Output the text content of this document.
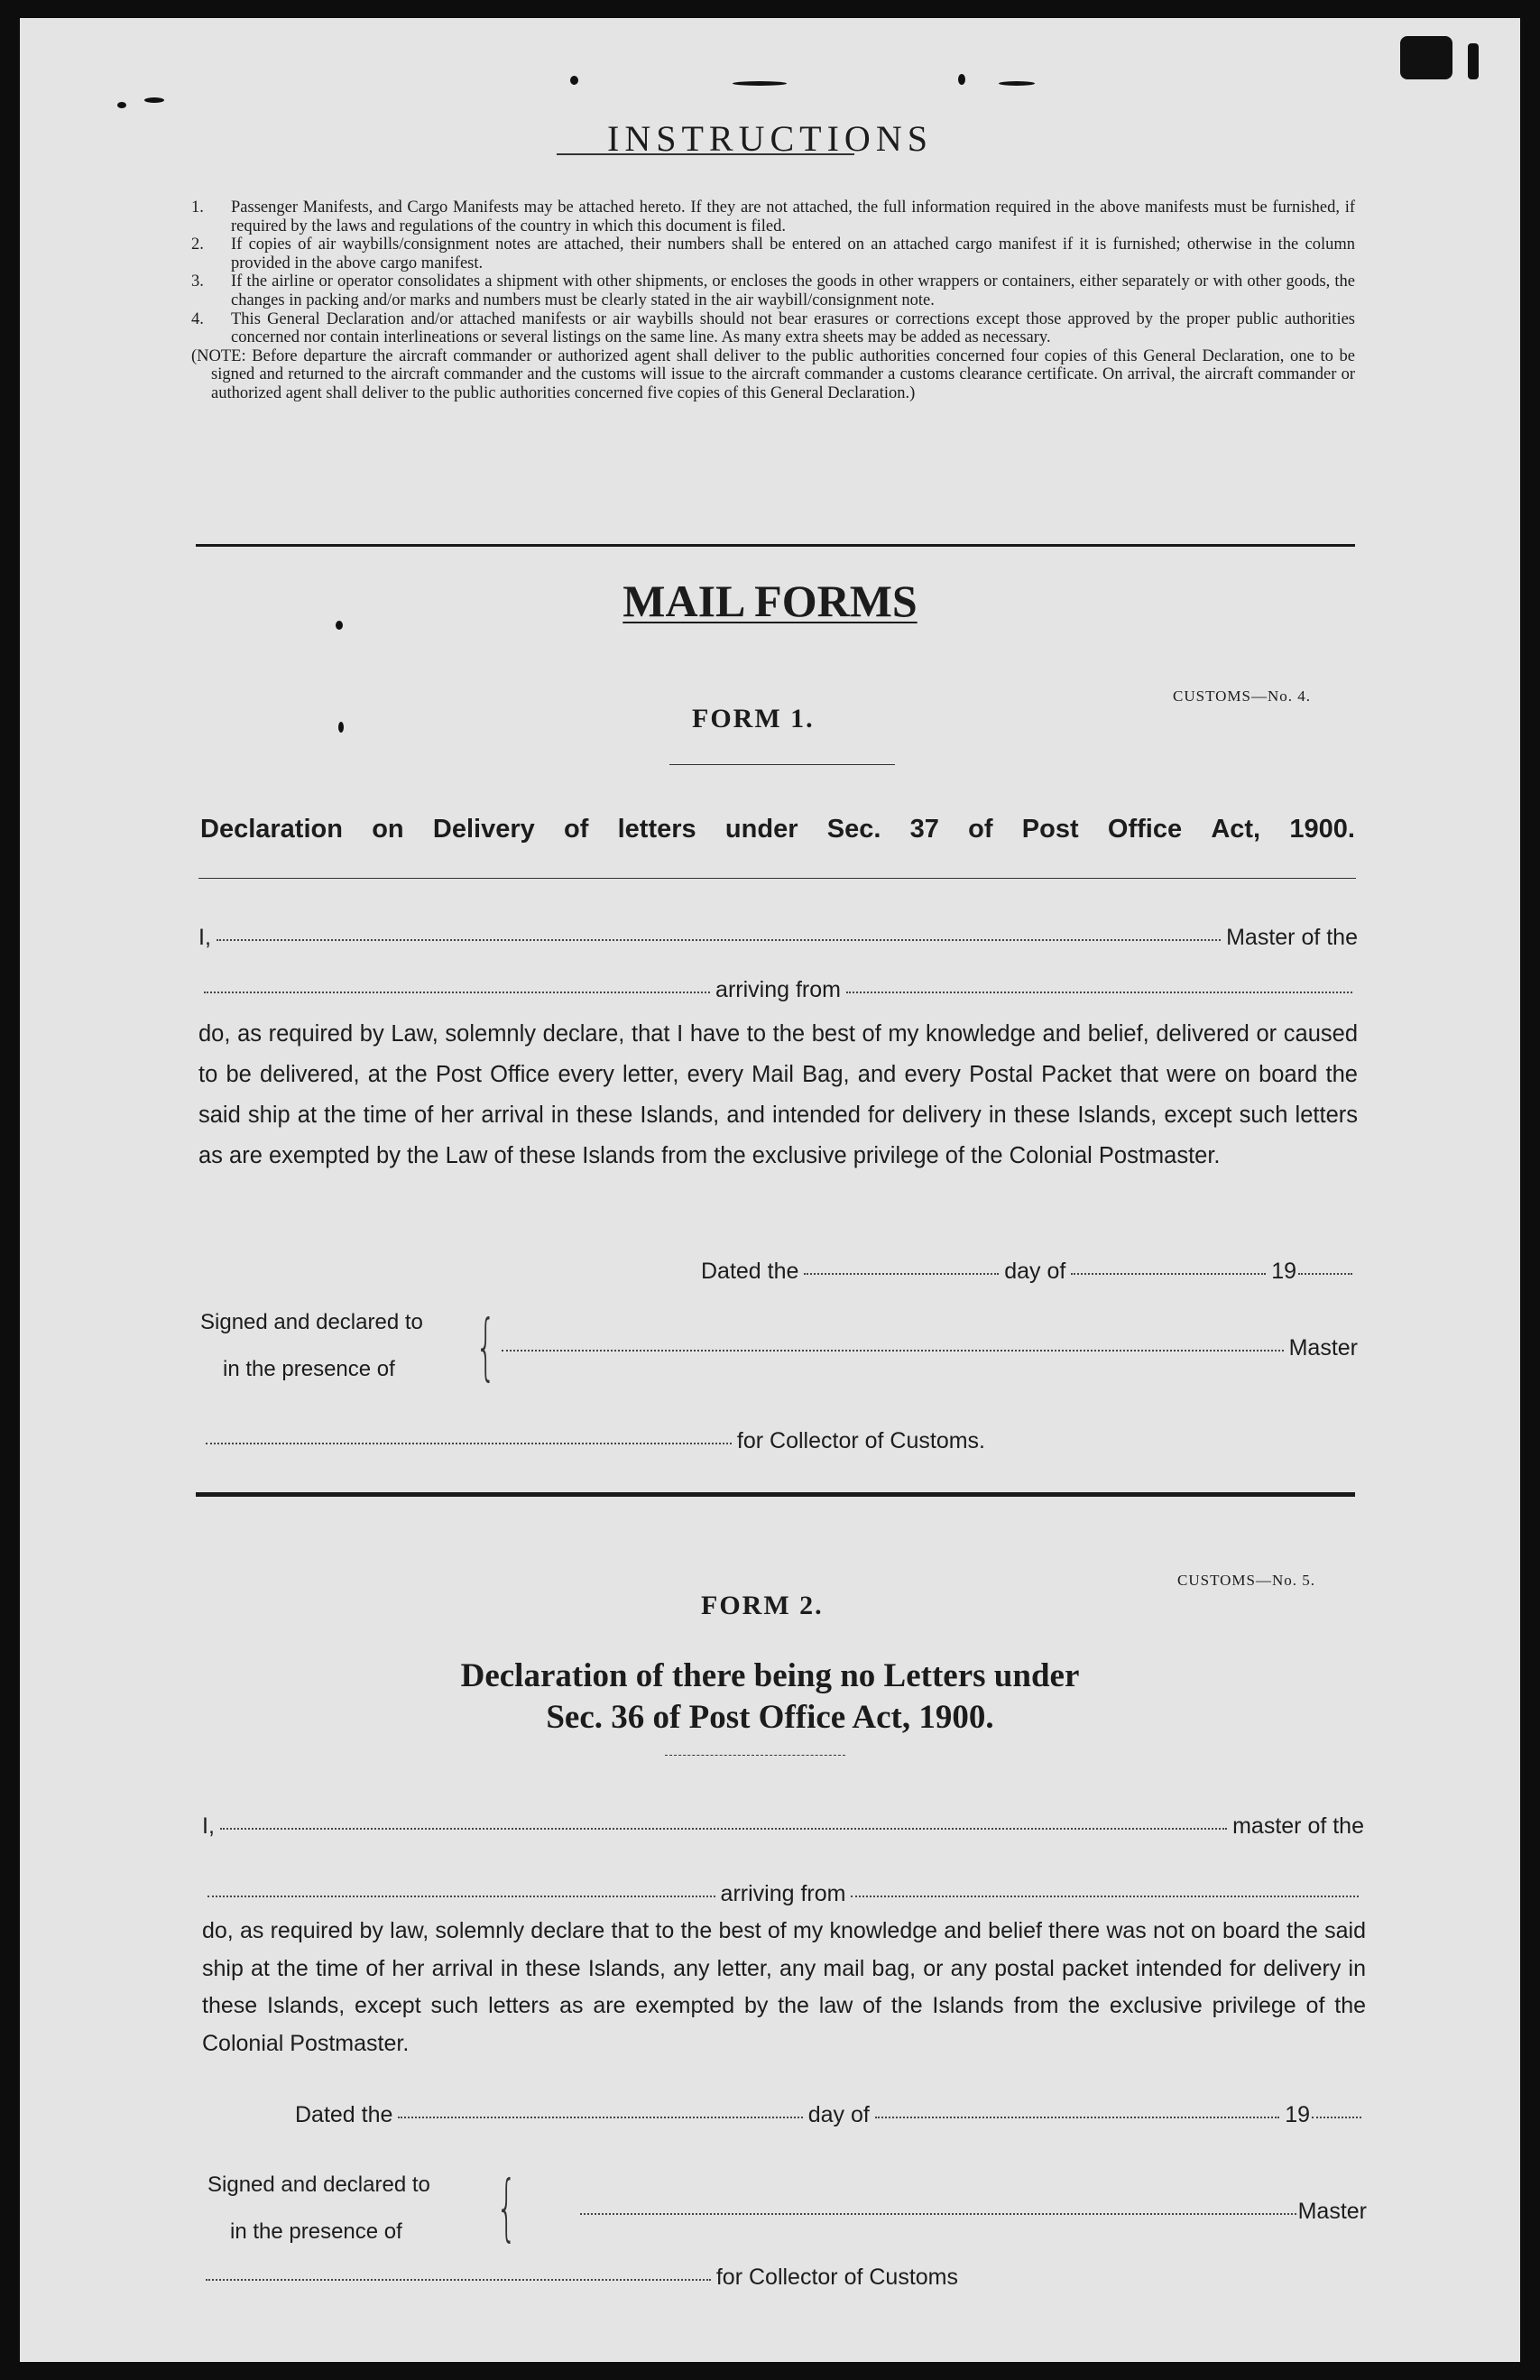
INSTRUCTIONS
1. Passenger Manifests, and Cargo Manifests may be attached hereto. If they are not attached, the full information required in the above manifests must be furnished, if required by the laws and regulations of the country in which this document is filed.
2. If copies of air waybills/consignment notes are attached, their numbers shall be entered on an attached cargo manifest if it is furnished; otherwise in the column provided in the above cargo manifest.
3. If the airline or operator consolidates a shipment with other shipments, or encloses the goods in other wrappers or containers, either separately or with other goods, the changes in packing and/or marks and numbers must be clearly stated in the air waybill/consignment note.
4. This General Declaration and/or attached manifests or air waybills should not bear erasures or corrections except those approved by the proper public authorities concerned nor contain interlineations or several listings on the same line. As many extra sheets may be added as necessary.
(NOTE: Before departure the aircraft commander or authorized agent shall deliver to the public authorities concerned four copies of this General Declaration, one to be signed and returned to the aircraft commander and the customs will issue to the aircraft commander a customs clearance certificate. On arrival, the aircraft commander or authorized agent shall deliver to the public authorities concerned five copies of this General Declaration.)
MAIL FORMS
CUSTOMS—No. 4.
FORM 1.
Declaration on Delivery of letters under Sec. 37 of Post Office Act, 1900.
I,	Master of the
arriving from
do, as required by Law, solemnly declare, that I have to the best of my knowledge and belief, delivered or caused to be delivered, at the Post Office every letter, every Mail Bag, and every Postal Packet that were on board the said ship at the time of her arrival in these Islands, and intended for delivery in these Islands, except such letters as are exempted by the Law of these Islands from the exclusive privilege of the Colonial Postmaster.
Dated the	day of	19
Signed and declared to
in the presence of {	Master
for Collector of Customs.
CUSTOMS—No. 5.
FORM 2.
Declaration of there being no Letters under
Sec. 36 of Post Office Act, 1900.
I,	master of the
arriving from
do, as required by law, solemnly declare that to the best of my knowledge and belief there was not on board the said ship at the time of her arrival in these Islands, any letter, any mail bag, or any postal packet intended for delivery in these Islands, except such letters as are exempted by the law of the Islands from the exclusive privilege of the Colonial Postmaster.
Dated the	day of	19
Signed and declared to
in the presence of {	Master
for Collector of Customs
